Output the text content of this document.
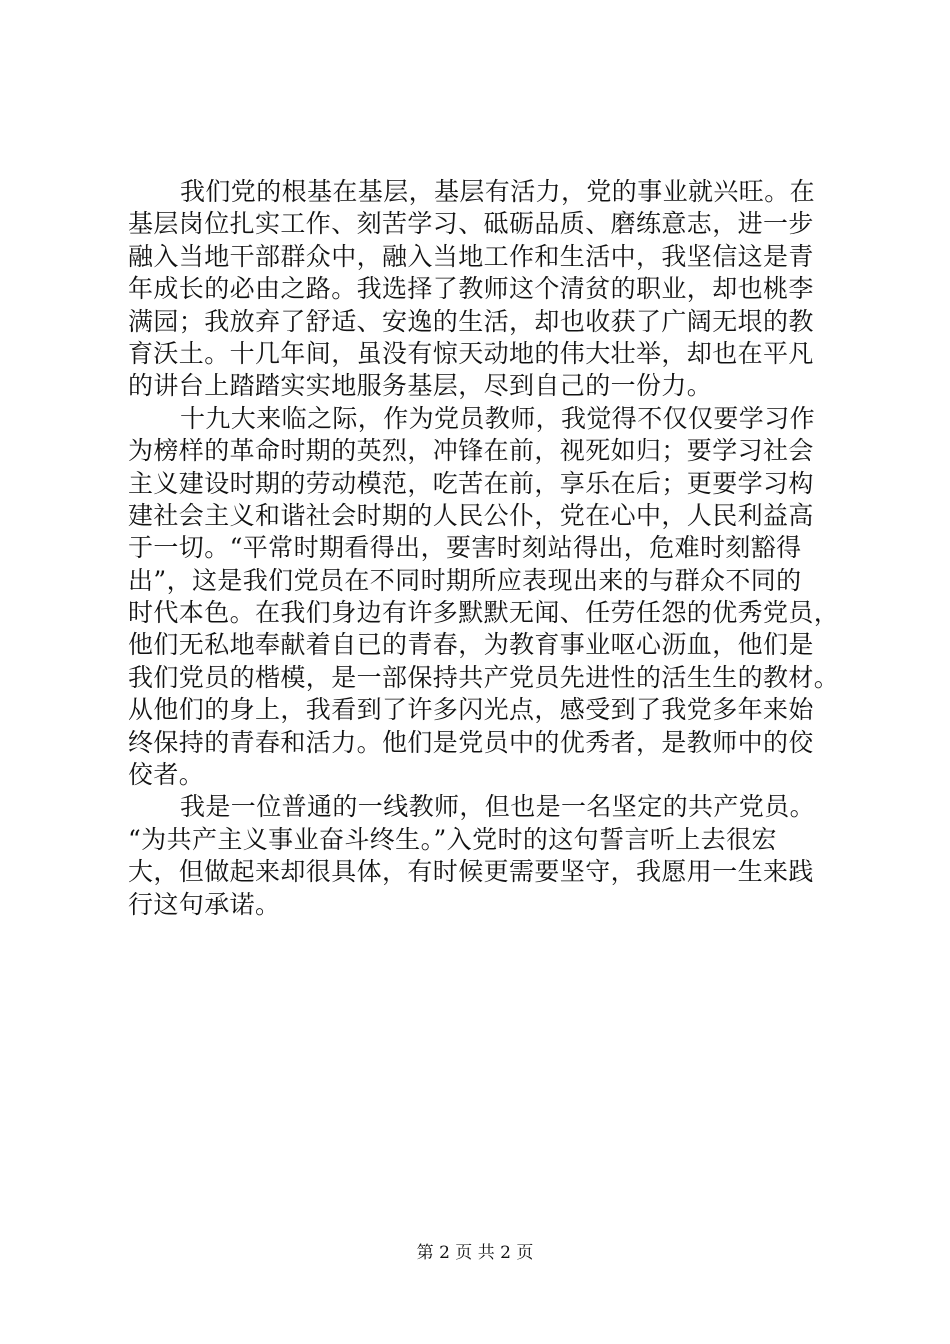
我们党的根基在基层，基层有活力，党的事业就兴旺。在
基层岗位扎实工作、刻苦学习、砥砺品质、磨练意志，进一步
融入当地干部群众中，融入当地工作和生活中，我坚信这是青
年成长的必由之路。我选择了教师这个清贫的职业，却也桃李
满园；我放弃了舒适、安逸的生活，却也收获了广阔无垠的教
育沃土。十几年间，虽没有惊天动地的伟大壮举，却也在平凡
的讲台上踏踏实实地服务基层，尽到自己的一份力。
十九大来临之际，作为党员教师，我觉得不仅仅要学习作
为榜样的革命时期的英烈，冲锋在前，视死如归；要学习社会
主义建设时期的劳动模范，吃苦在前，享乐在后；更要学习构
建社会主义和谐社会时期的人民公仆，党在心中，人民利益高
于一切。“平常时期看得出，要害时刻站得出，危难时刻豁得
出”，这是我们党员在不同时期所应表现出来的与群众不同的
时代本色。在我们身边有许多默默无闻、任劳任怨的优秀党员，
他们无私地奉献着自已的青春，为教育事业呕心沥血，他们是
我们党员的楷模，是一部保持共产党员先进性的活生生的教材。
从他们的身上，我看到了许多闪光点，感受到了我党多年来始
终保持的青春和活力。他们是党员中的优秀者，是教师中的佼
佼者。
我是一位普通的一线教师，但也是一名坚定的共产党员。
“为共产主义事业奋斗终生。”入党时的这句誓言听上去很宏
大，但做起来却很具体，有时候更需要坚守，我愿用一生来践
行这句承诺。
第 2 页 共 2 页
